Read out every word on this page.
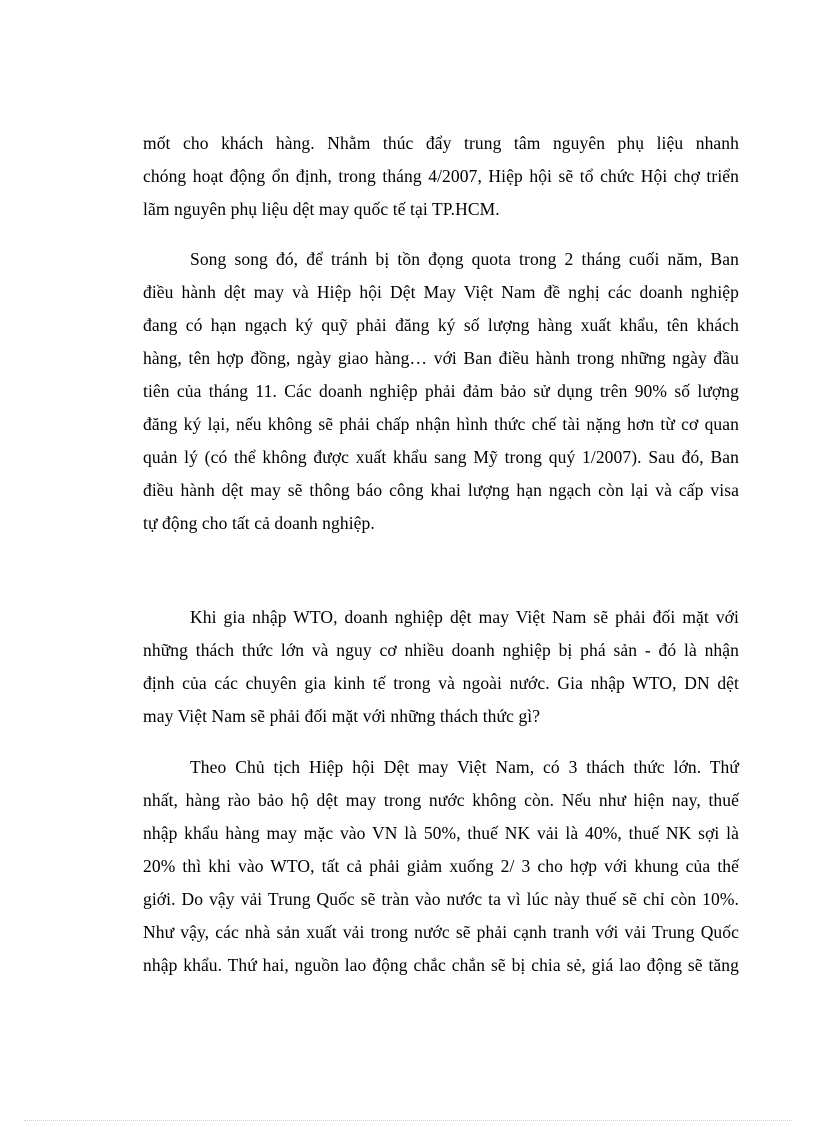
mốt cho khách hàng. Nhằm thúc đẩy trung tâm nguyên phụ liệu nhanh
chóng hoạt động ổn định, trong tháng 4/2007, Hiệp hội sẽ tổ chức Hội chợ triển
lãm nguyên phụ liệu dệt may quốc tế tại TP.HCM.
Song song đó, để tránh bị tồn đọng quota trong 2 tháng cuối năm, Ban
điều hành dệt may và Hiệp hội Dệt May Việt Nam đề nghị các doanh nghiệp
đang có hạn ngạch ký quỹ phải đăng ký số lượng hàng xuất khẩu, tên khách
hàng, tên hợp đồng, ngày giao hàng… với Ban điều hành trong những ngày đầu
tiên của tháng 11. Các doanh nghiệp phải đảm bảo sử dụng trên 90% số lượng
đăng ký lại, nếu không sẽ phải chấp nhận hình thức chế tài nặng hơn từ cơ quan
quản lý (có thể không được xuất khẩu sang Mỹ trong quý 1/2007). Sau đó, Ban
điều hành dệt may sẽ thông báo công khai lượng hạn ngạch còn lại và cấp visa
tự động cho tất cả doanh nghiệp.
Khi gia nhập WTO, doanh nghiệp dệt may Việt Nam sẽ phải đối mặt với
những thách thức lớn và nguy cơ nhiều doanh nghiệp bị phá sản - đó là nhận
định của các chuyên gia kinh tế trong và ngoài nước. Gia nhập WTO, DN dệt
may Việt Nam sẽ phải đối mặt với những thách thức gì?
Theo Chủ tịch Hiệp hội Dệt may Việt Nam, có 3 thách thức lớn. Thứ
nhất, hàng rào bảo hộ dệt may trong nước không còn. Nếu như hiện nay, thuế
nhập khẩu hàng may mặc vào VN là 50%, thuế NK vải là 40%, thuế NK sợi là
20% thì khi vào WTO, tất cả phải giảm xuống 2/ 3 cho hợp với khung của thế
giới. Do vậy vải Trung Quốc sẽ tràn vào nước ta vì lúc này thuế sẽ chỉ còn 10%.
Như vậy, các nhà sản xuất vải trong nước sẽ phải cạnh tranh với vải Trung Quốc
nhập khẩu. Thứ hai, nguồn lao động chắc chắn sẽ bị chia sẻ, giá lao động sẽ tăng
